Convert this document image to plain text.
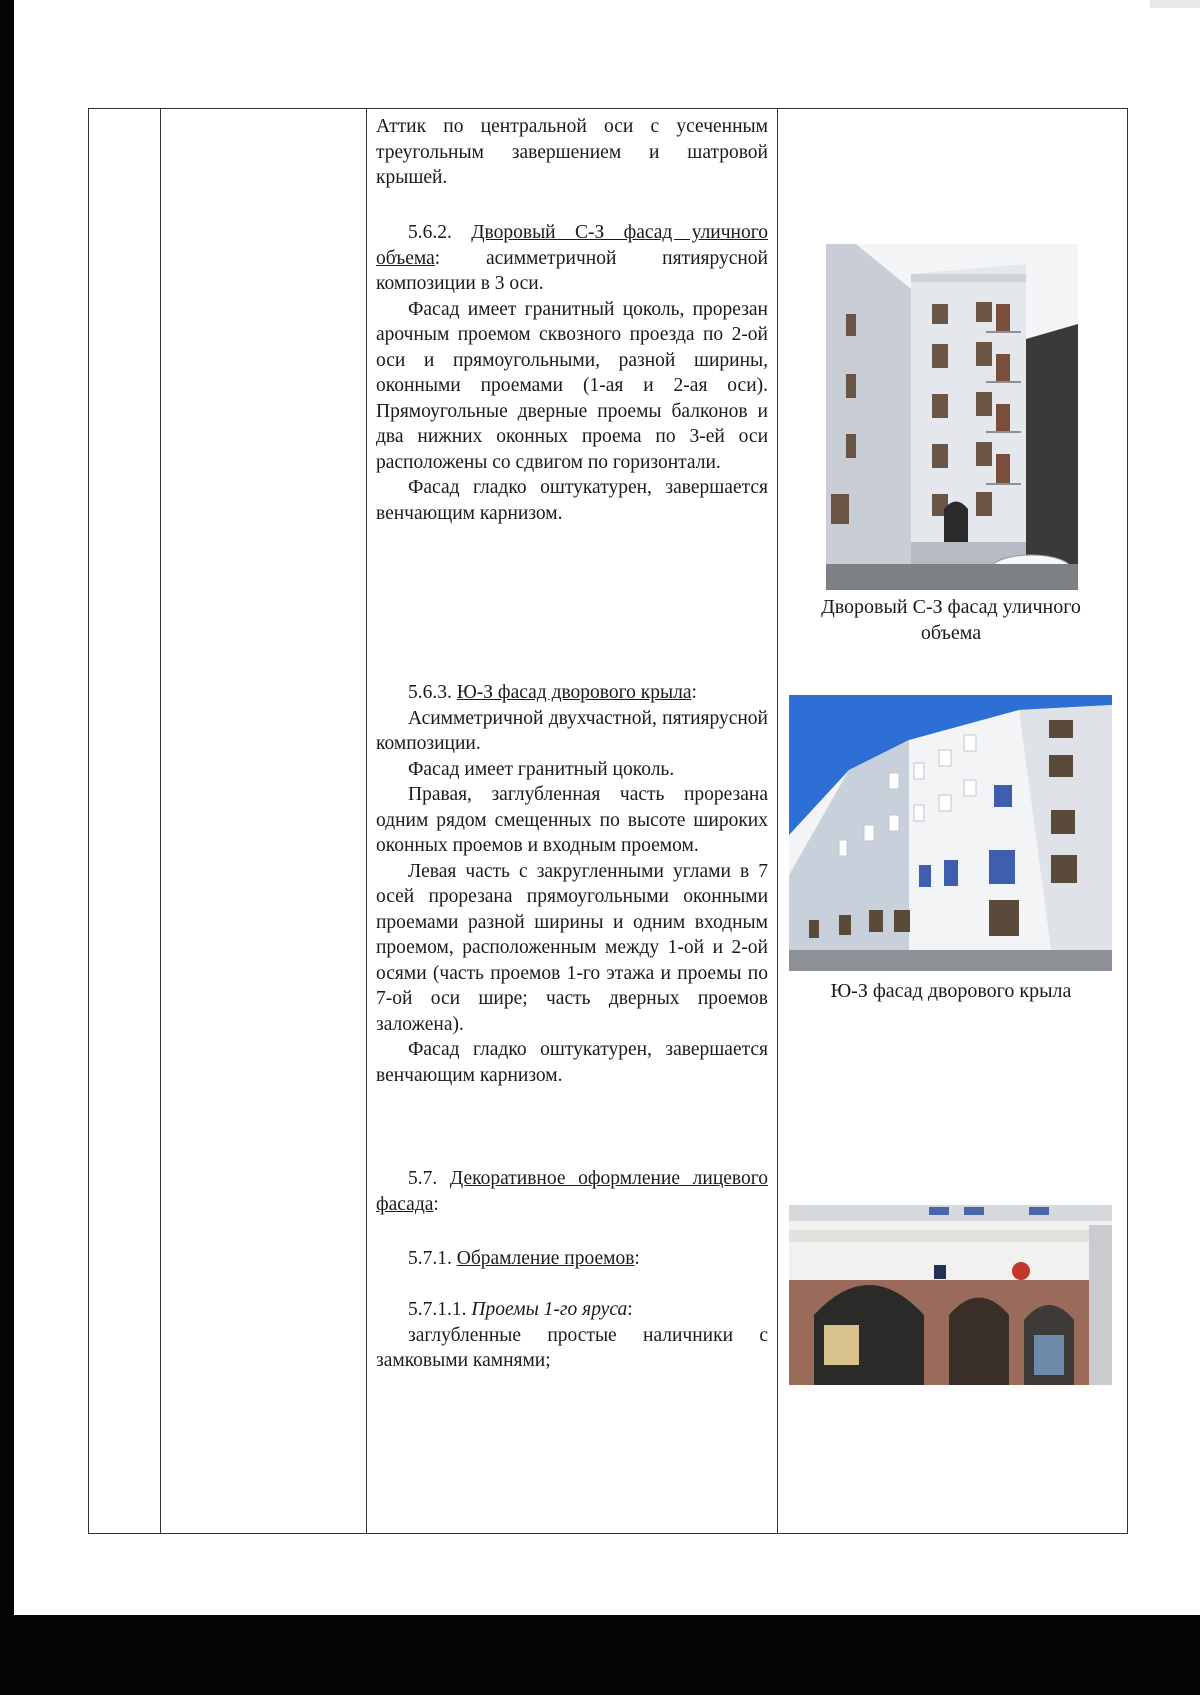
Аттик по центральной оси с усеченным треугольным завершением и шатровой крышей.

5.6.2. Дворовый С-З фасад уличного объема: асимметричной пятиярусной композиции в 3 оси.

Фасад имеет гранитный цоколь, прорезан арочным проемом сквозного проезда по 2-ой оси и прямоугольными, разной ширины, оконными проемами (1-ая и 2-ая оси). Прямоугольные дверные проемы балконов и два нижних оконных проема по 3-ей оси расположены со сдвигом по горизонтали.

Фасад гладко оштукатурен, завершается венчающим карнизом.

5.6.3. Ю-З фасад дворового крыла:

Асимметричной двухчастной, пятиярусной композиции.

Фасад имеет гранитный цоколь.

Правая, заглубленная часть прорезана одним рядом смещенных по высоте широких оконных проемов и входным проемом.

Левая часть с закругленными углами в 7 осей прорезана прямоугольными оконными проемами разной ширины и одним входным проемом, расположенным между 1-ой и 2-ой осями (часть проемов 1-го этажа и проемы по 7-ой оси шире; часть дверных проемов заложена).

Фасад гладко оштукатурен, завершается венчающим карнизом.

5.7. Декоративное оформление лицевого фасада:

5.7.1. Обрамление проемов:

5.7.1.1. Проемы 1-го яруса:

заглубленные простые наличники с замковыми камнями;

Дворовый С-З фасад уличного объема
Ю-З фасад дворового крыла
